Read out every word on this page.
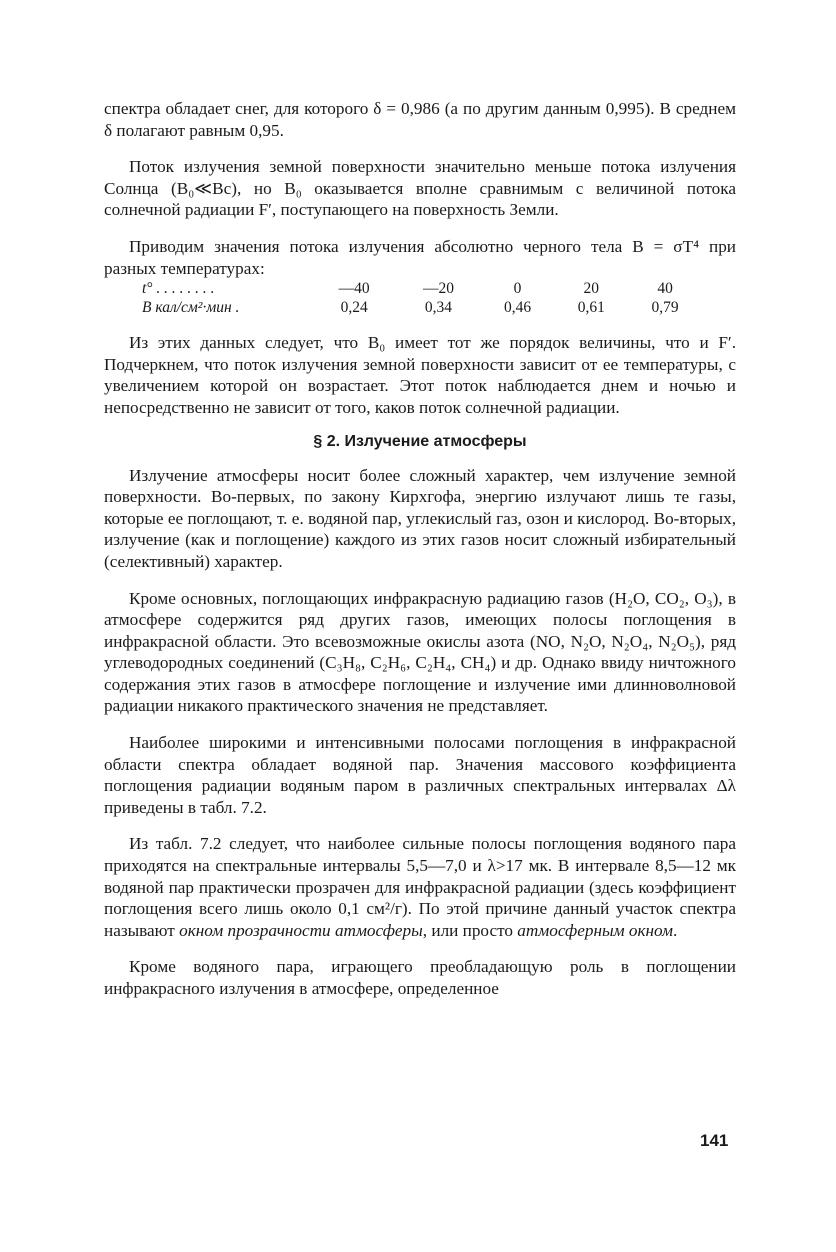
спектра обладает снег, для которого δ = 0,986 (а по другим данным 0,995). В среднем δ полагают равным 0,95.

Поток излучения земной поверхности значительно меньше потока излучения Солнца (B₀≪Bс), но B₀ оказывается вполне сравнимым с величиной потока солнечной радиации F′, поступающего на поверхность Земли.

Приводим значения потока излучения абсолютно черного тела B = σT⁴ при разных температурах:

t° . . . . . . . .	—40	—20	0	20	40
B кал/см²·мин .	0,24	0,34	0,46	0,61	0,79

Из этих данных следует, что B₀ имеет тот же порядок величины, что и F′. Подчеркнем, что поток излучения земной поверхности зависит от ее температуры, с увеличением которой он возрастает. Этот поток наблюдается днем и ночью и непосредственно не зависит от того, каков поток солнечной радиации.

§ 2. Излучение атмосферы

Излучение атмосферы носит более сложный характер, чем излучение земной поверхности. Во-первых, по закону Кирхгофа, энергию излучают лишь те газы, которые ее поглощают, т. е. водяной пар, углекислый газ, озон и кислород. Во-вторых, излучение (как и поглощение) каждого из этих газов носит сложный избирательный (селективный) характер.

Кроме основных, поглощающих инфракрасную радиацию газов (H₂O, CO₂, O₃), в атмосфере содержится ряд других газов, имеющих полосы поглощения в инфракрасной области. Это всевозможные окислы азота (NO, N₂O, N₂O₄, N₂O₅), ряд углеводородных соединений (C₃H₈, C₂H₆, C₂H₄, CH₄) и др. Однако ввиду ничтожного содержания этих газов в атмосфере поглощение и излучение ими длинноволновой радиации никакого практического значения не представляет.

Наиболее широкими и интенсивными полосами поглощения в инфракрасной области спектра обладает водяной пар. Значения массового коэффициента поглощения радиации водяным паром в различных спектральных интервалах Δλ приведены в табл. 7.2.

Из табл. 7.2 следует, что наиболее сильные полосы поглощения водяного пара приходятся на спектральные интервалы 5,5—7,0 и λ>17 мк. В интервале 8,5—12 мк водяной пар практически прозрачен для инфракрасной радиации (здесь коэффициент поглощения всего лишь около 0,1 см²/г). По этой причине данный участок спектра называют окном прозрачности атмосферы, или просто атмосферным окном.

Кроме водяного пара, играющего преобладающую роль в поглощении инфракрасного излучения в атмосфере, определенное

141
